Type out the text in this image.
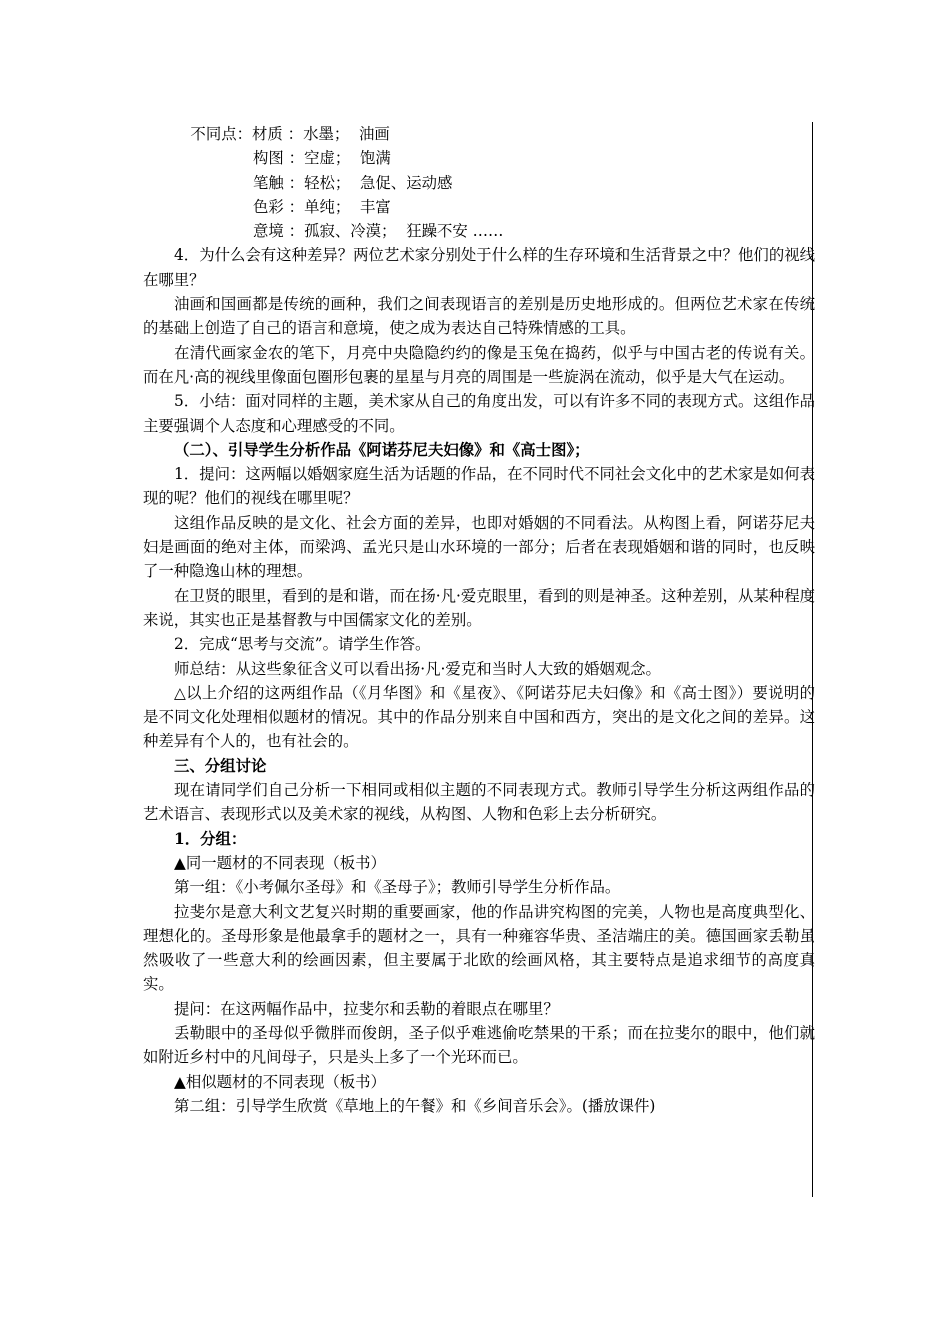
不同点： 材质 ：水墨；  油画
构图 ：空虚；  饱满
笔触 ：轻松；  急促、运动感
色彩 ：单纯；  丰富
意境 ：孤寂、冷漠；  狂躁不安 ……

4．为什么会有这种差异？两位艺术家分别处于什么样的生存环境和生活背景之中？他们的视线在哪里？

油画和国画都是传统的画种，我们之间表现语言的差别是历史地形成的。但两位艺术家在传统的基础上创造了自己的语言和意境，使之成为表达自己特殊情感的工具。

在清代画家金农的笔下，月亮中央隐隐约约的像是玉兔在捣药，似乎与中国古老的传说有关。而在凡·高的视线里像面包圈形包裹的星星与月亮的周围是一些旋涡在流动，似乎是大气在运动。

5．小结：面对同样的主题，美术家从自己的角度出发，可以有许多不同的表现方式。这组作品主要强调个人态度和心理感受的不同。

（二）、引导学生分析作品《阿诺芬尼夫妇像》和《高士图》；

1．提问：这两幅以婚姻家庭生活为话题的作品，在不同时代不同社会文化中的艺术家是如何表现的呢？他们的视线在哪里呢？

这组作品反映的是文化、社会方面的差异，也即对婚姻的不同看法。从构图上看，阿诺芬尼夫妇是画面的绝对主体，而梁鸿、孟光只是山水环境的一部分；后者在表现婚姻和谐的同时，也反映了一种隐逸山林的理想。

在卫贤的眼里，看到的是和谐，而在扬·凡·爱克眼里，看到的则是神圣。这种差别，从某种程度来说，其实也正是基督教与中国儒家文化的差别。

2．完成“思考与交流”。请学生作答。

师总结：从这些象征含义可以看出扬·凡·爱克和当时人大致的婚姻观念。

△以上介绍的这两组作品（《月华图》和《星夜》、《阿诺芬尼夫妇像》和《高士图》）要说明的是不同文化处理相似题材的情况。其中的作品分别来自中国和西方，突出的是文化之间的差异。这种差异有个人的，也有社会的。

三、分组讨论

现在请同学们自己分析一下相同或相似主题的不同表现方式。教师引导学生分析这两组作品的艺术语言、表现形式以及美术家的视线，从构图、人物和色彩上去分析研究。

1．分组：

▲同一题材的不同表现（板书）

第一组：《小考佩尔圣母》和《圣母子》；教师引导学生分析作品。

拉斐尔是意大利文艺复兴时期的重要画家，他的作品讲究构图的完美，人物也是高度典型化、理想化的。圣母形象是他最拿手的题材之一，具有一种雍容华贵、圣洁端庄的美。德国画家丢勒虽然吸收了一些意大利的绘画因素，但主要属于北欧的绘画风格，其主要特点是追求细节的高度真实。

提问：在这两幅作品中，拉斐尔和丢勒的着眼点在哪里？

丢勒眼中的圣母似乎微胖而俊朗，圣子似乎难逃偷吃禁果的干系；而在拉斐尔的眼中，他们就如附近乡村中的凡间母子，只是头上多了一个光环而已。

▲相似题材的不同表现（板书）

第二组：引导学生欣赏《草地上的午餐》和《乡间音乐会》。(播放课件)
